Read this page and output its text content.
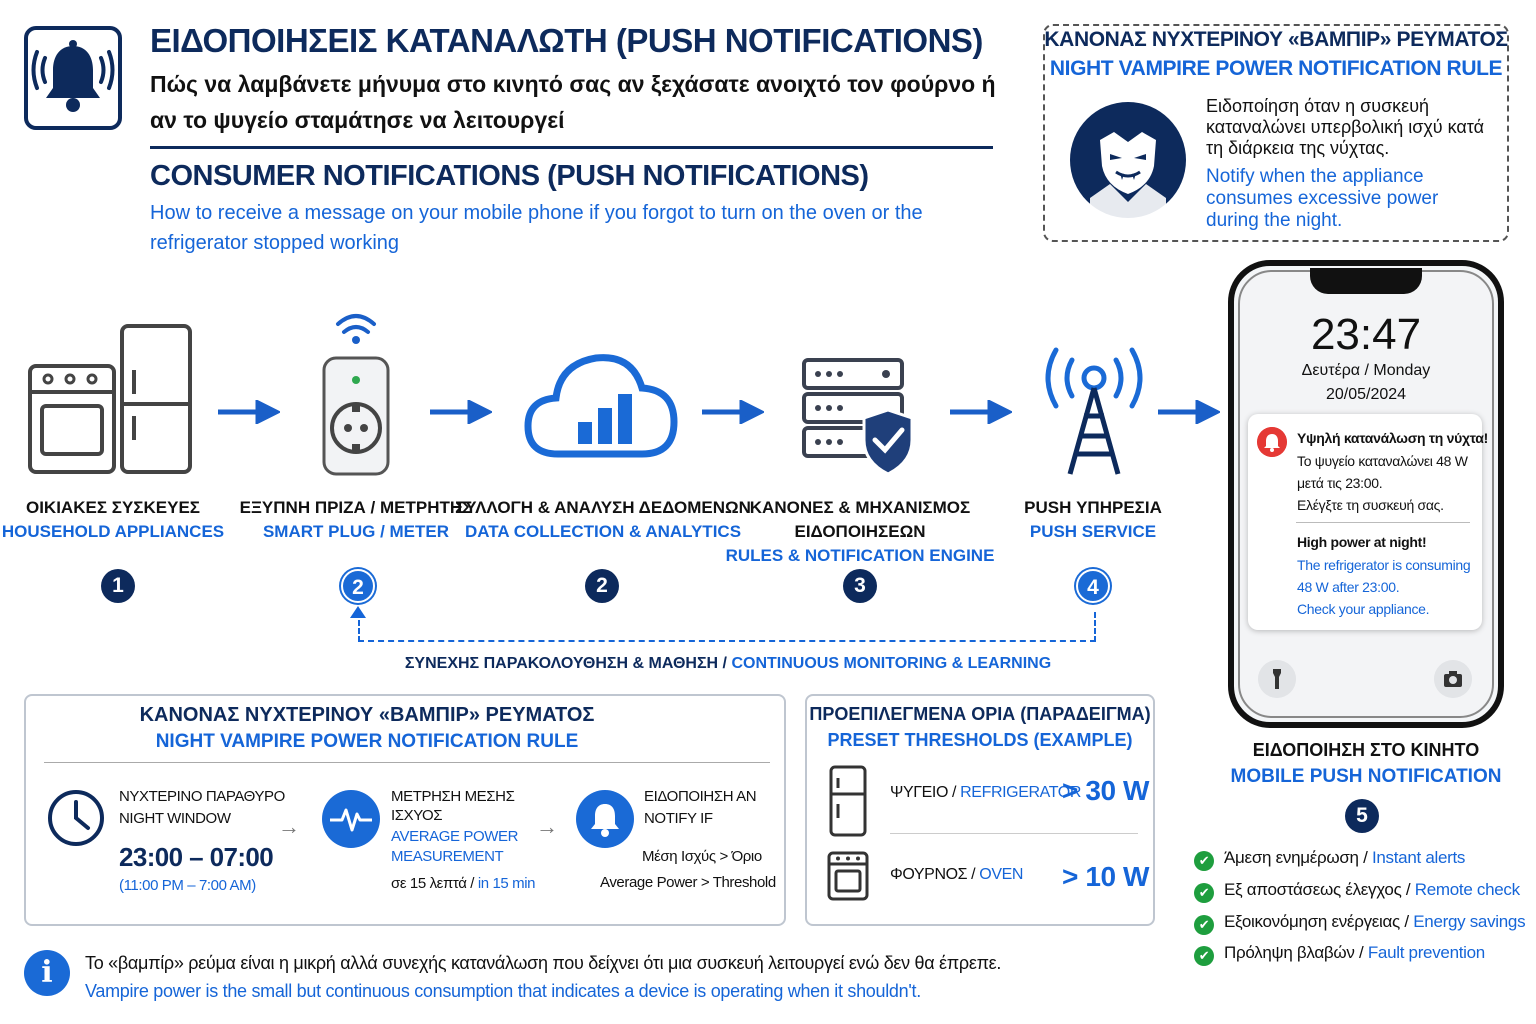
ΕΙΔΟΠΟΙΗΣΕΙΣ ΚΑΤΑΝΑΛΩΤΗ (PUSH NOTIFICATIONS)
Πώς να λαμβάνετε μήνυμα στο κινητό σας αν ξεχάσατε ανοιχτό τον φούρνο ή αν το ψυγείο σταμάτησε να λειτουργεί
CONSUMER NOTIFICATIONS (PUSH NOTIFICATIONS)
How to receive a message on your mobile phone if you forgot to turn on the oven or the refrigerator stopped working
ΚΑΝΟΝΑΣ ΝΥΧΤΕΡΙΝΟΥ «ΒΑΜΠΙΡ» ΡΕΥΜΑΤΟΣ
NIGHT VAMPIRE POWER NOTIFICATION RULE
Ειδοποίηση όταν η συσκευή καταναλώνει υπερβολική ισχύ κατά τη διάρκεια της νύχτας.
Notify when the appliance consumes excessive power during the night.
ΟΙΚΙΑΚΕΣ ΣΥΣΚΕΥΕΣ
HOUSEHOLD APPLIANCES
ΕΞΥΠΝΗ ΠΡΙΖΑ / ΜΕΤΡΗΤΗΣ
SMART PLUG / METER
ΣΥΛΛΟΓΗ & ΑΝΑΛΥΣΗ ΔΕΔΟΜΕΝΩΝ
DATA COLLECTION & ANALYTICS
ΚΑΝΟΝΕΣ & ΜΗΧΑΝΙΣΜΟΣ
ΕΙΔΟΠΟΙΗΣΕΩΝ
RULES & NOTIFICATION ENGINE
PUSH ΥΠΗΡΕΣΙΑ
PUSH SERVICE
1	2	2	3	4
ΣΥΝΕΧΗΣ ΠΑΡΑΚΟΛΟΥΘΗΣΗ & ΜΑΘΗΣΗ / CONTINUOUS MONITORING & LEARNING
23:47
Δευτέρα / Monday
20/05/2024
Υψηλή κατανάλωση τη νύχτα!
Το ψυγείο καταναλώνει 48 W
μετά τις 23:00.
Ελέγξτε τη συσκευή σας.
High power at night!
The refrigerator is consuming
48 W after 23:00.
Check your appliance.
ΕΙΔΟΠΟΙΗΣΗ ΣΤΟ ΚΙΝΗΤΟ
MOBILE PUSH NOTIFICATION
5
✔ Άμεση ενημέρωση / Instant alerts
✔ Εξ αποστάσεως έλεγχος / Remote check
✔ Εξοικονόμηση ενέργειας / Energy savings
✔ Πρόληψη βλαβών / Fault prevention
ΚΑΝΟΝΑΣ ΝΥΧΤΕΡΙΝΟΥ «ΒΑΜΠΙΡ» ΡΕΥΜΑΤΟΣ
NIGHT VAMPIRE POWER NOTIFICATION RULE
ΝΥΧΤΕΡΙΝΟ ΠΑΡΑΘΥΡΟ
NIGHT WINDOW
23:00 – 07:00
(11:00 PM – 7:00 AM)
→
ΜΕΤΡΗΣΗ ΜΕΣΗΣ
ΙΣΧΥΟΣ
AVERAGE POWER
MEASUREMENT
σε 15 λεπτά / in 15 min
→
ΕΙΔΟΠΟΙΗΣΗ ΑΝ
NOTIFY IF
Μέση Ισχύς > Όριο
Average Power > Threshold
ΠΡΟΕΠΙΛΕΓΜΕΝΑ ΟΡΙΑ (ΠΑΡΑΔΕΙΓΜΑ)
PRESET THRESHOLDS (EXAMPLE)
ΨΥΓΕΙΟ / REFRIGERATOR
> 30 W
ΦΟΥΡΝΟΣ / OVEN > 10 W
i	Το «βαμπίρ» ρεύμα είναι η μικρή αλλά συνεχής κατανάλωση που δείχνει ότι μια συσκευή λειτουργεί ενώ δεν θα έπρεπε.
Vampire power is the small but continuous consumption that indicates a device is operating when it shouldn't.
